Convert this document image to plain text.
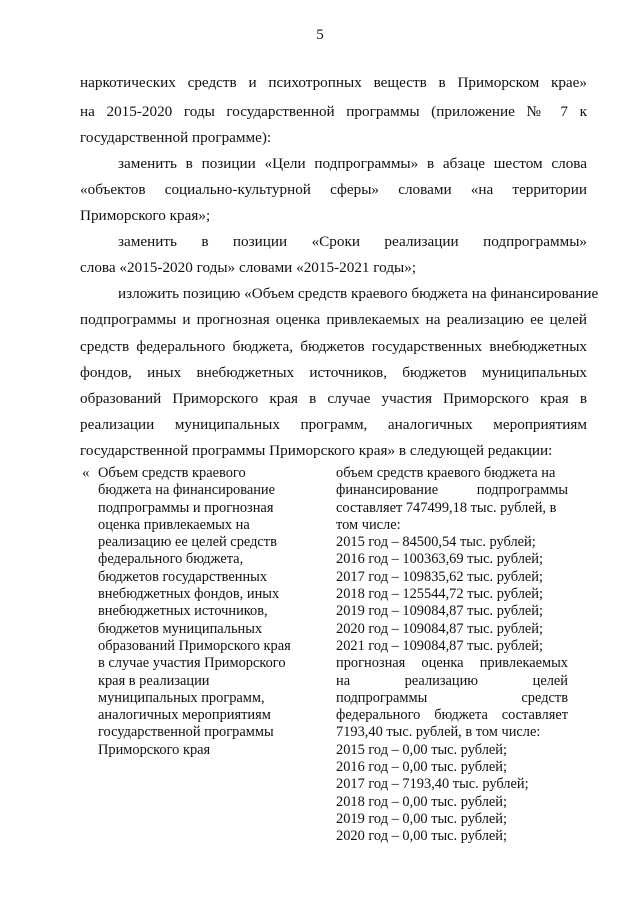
5
наркотических средств и психотропных веществ в Приморском крае»
на 2015-2020 годы государственной программы (приложение № 7 к
государственной программе):
заменить в позиции «Цели подпрограммы» в абзаце шестом слова
«объектов социально-культурной сферы» словами «на территории
Приморского края»;
заменить в позиции «Сроки реализации подпрограммы»
слова «2015-2020 годы» словами «2015-2021 годы»;
изложить позицию «Объем средств краевого бюджета на финансирование
подпрограммы и прогнозная оценка привлекаемых на реализацию ее целей
средств федерального бюджета, бюджетов государственных внебюджетных
фондов, иных внебюджетных источников, бюджетов муниципальных
образований Приморского края в случае участия Приморского края в
реализации муниципальных программ, аналогичных мероприятиям
государственной программы Приморского края» в следующей редакции:
« Объем средств краевого
бюджета на финансирование
подпрограммы и прогнозная
оценка привлекаемых на
реализацию ее целей средств
федерального бюджета,
бюджетов государственных
внебюджетных фондов, иных
внебюджетных источников,
бюджетов муниципальных
образований Приморского края
в случае участия Приморского
края в реализации
муниципальных программ,
аналогичных мероприятиям
государственной программы
Приморского края
объем средств краевого бюджета на
финансирование подпрограммы
составляет 747499,18 тыс. рублей, в
том числе:
2015 год – 84500,54 тыс. рублей;
2016 год – 100363,69 тыс. рублей;
2017 год – 109835,62 тыс. рублей;
2018 год – 125544,72 тыс. рублей;
2019 год – 109084,87 тыс. рублей;
2020 год – 109084,87 тыс. рублей;
2021 год – 109084,87 тыс. рублей;
прогнозная оценка привлекаемых
на реализацию целей
подпрограммы средств
федерального бюджета составляет
7193,40 тыс. рублей, в том числе:
2015 год – 0,00 тыс. рублей;
2016 год – 0,00 тыс. рублей;
2017 год – 7193,40 тыс. рублей;
2018 год – 0,00 тыс. рублей;
2019 год – 0,00 тыс. рублей;
2020 год – 0,00 тыс. рублей;
